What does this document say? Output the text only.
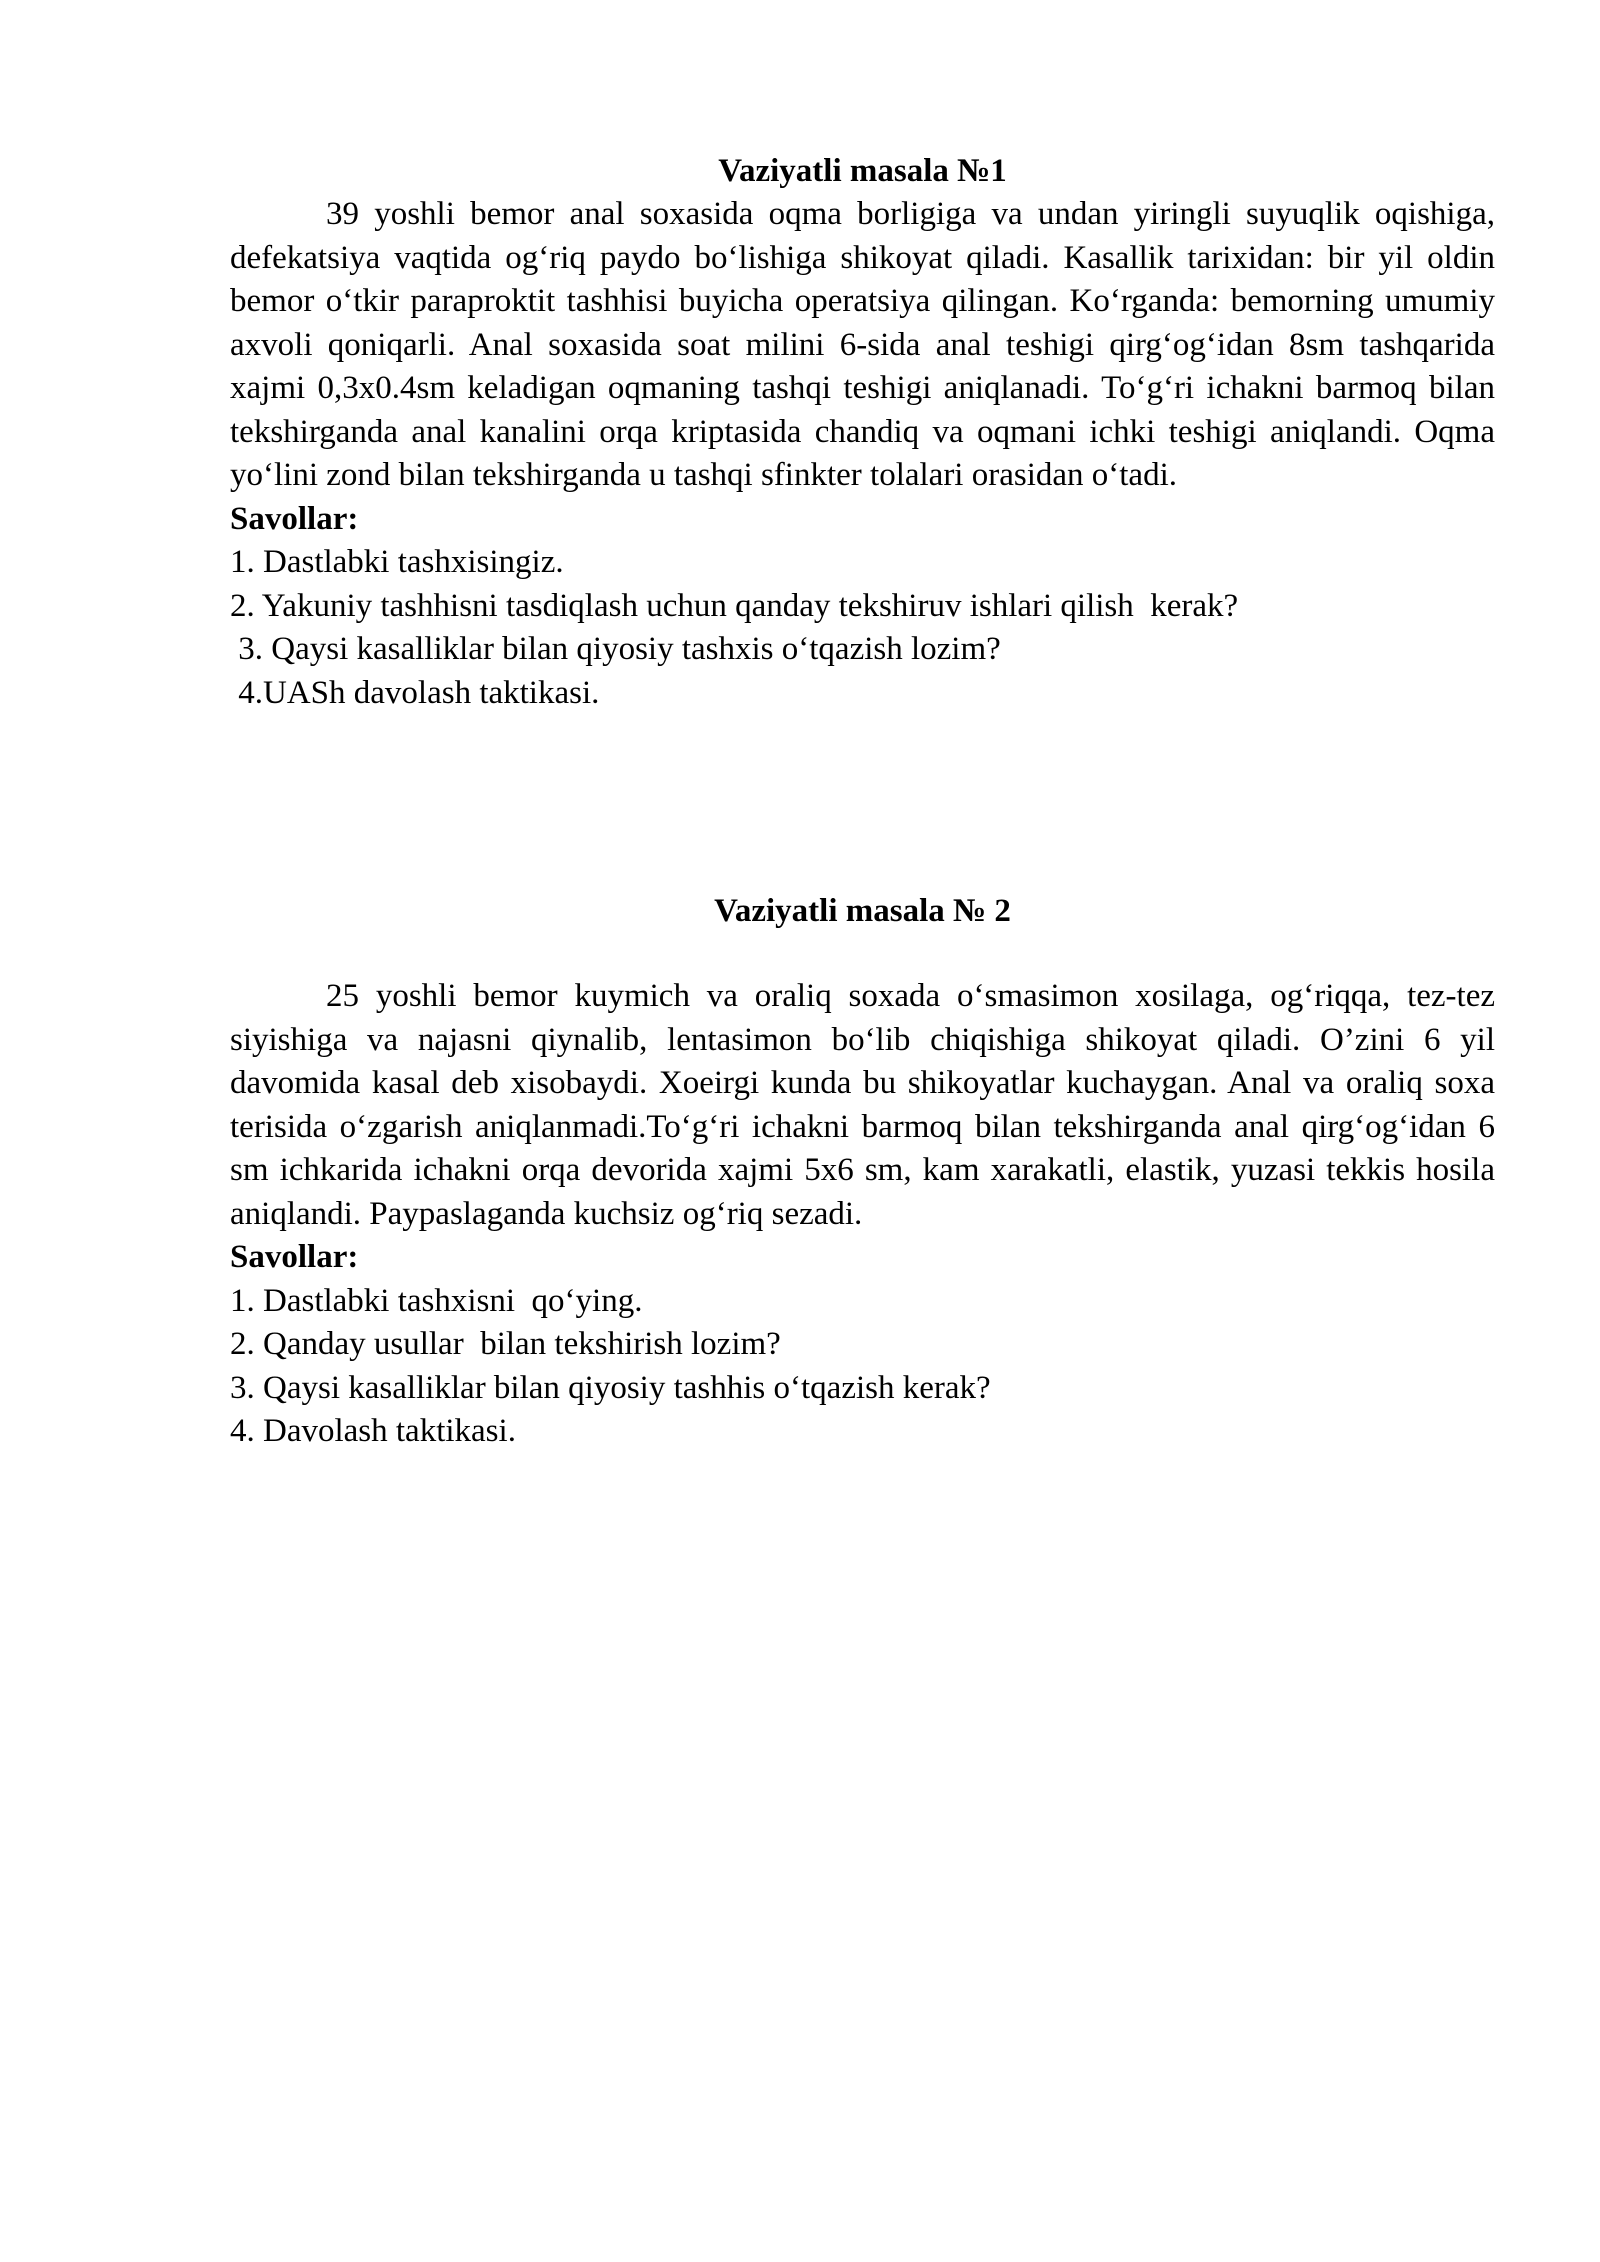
Vaziyatli masala №1

39 yoshli bemor anal soxasida oqma borligiga va undan yiringli suyuqlik oqishiga, defekatsiya vaqtida og‘riq paydo bo‘lishiga shikoyat qiladi. Kasallik tarixidan: bir yil oldin bemor o‘tkir paraproktit tashhisi buyicha operatsiya qilingan. Ko‘rganda: bemorning umumiy axvoli qoniqarli. Anal soxasida soat milini 6-sida anal teshigi qirg‘og‘idan 8sm tashqarida xajmi 0,3x0.4sm keladigan oqmaning tashqi teshigi aniqlanadi. To‘g‘ri ichakni barmoq bilan tekshirganda anal kanalini orqa kriptasida chandiq va oqmani ichki teshigi aniqlandi. Oqma yo‘lini zond bilan tekshirganda u tashqi sfinkter tolalari orasidan o‘tadi.

Savollar:

1. Dastlabki tashxisingiz.

2. Yakuniy tashhisni tasdiqlash uchun qanday tekshiruv ishlari qilish  kerak?

3. Qaysi kasalliklar bilan qiyosiy tashxis o‘tqazish lozim?

4.UASh davolash taktikasi.

Vaziyatli masala № 2

25 yoshli bemor kuymich va oraliq soxada o‘smasimon xosilaga, og‘riqqa, tez-tez siyishiga va najasni qiynalib, lentasimon bo‘lib chiqishiga shikoyat qiladi. O’zini 6 yil davomida kasal deb xisobaydi. Xoeirgi kunda bu shikoyatlar kuchaygan. Anal va oraliq soxa terisida o‘zgarish aniqlanmadi.To‘g‘ri ichakni barmoq bilan tekshirganda anal qirg‘og‘idan 6 sm ichkarida ichakni orqa devorida xajmi 5x6 sm, kam xarakatli, elastik, yuzasi tekkis hosila aniqlandi. Paypaslaganda kuchsiz og‘riq sezadi.

Savollar:

1. Dastlabki tashxisni  qo‘ying.

2. Qanday usullar  bilan tekshirish lozim?

3. Qaysi kasalliklar bilan qiyosiy tashhis o‘tqazish kerak?

4. Davolash taktikasi.
